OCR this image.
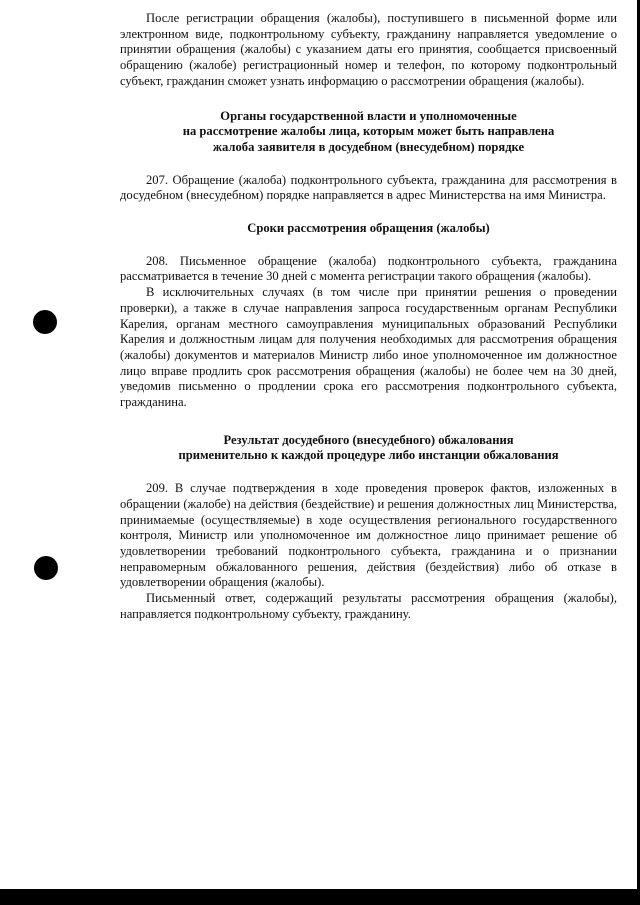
После регистрации обращения (жалобы), поступившего в письменной форме или электронном виде, подконтрольному субъекту, гражданину направляется уведомление о принятии обращения (жалобы) с указанием даты его принятия, сообщается присвоенный обращению (жалобе) регистрационный номер и телефон, по которому подконтрольный субъект, гражданин сможет узнать информацию о рассмотрении обращения (жалобы).

Органы государственной власти и уполномоченные
на рассмотрение жалобы лица, которым может быть направлена
жалоба заявителя в досудебном (внесудебном) порядке

207. Обращение (жалоба) подконтрольного субъекта, гражданина для рассмотрения в досудебном (внесудебном) порядке направляется в адрес Министерства на имя Министра.

Сроки рассмотрения обращения (жалобы)

208. Письменное обращение (жалоба) подконтрольного субъекта, гражданина рассматривается в течение 30 дней с момента регистрации такого обращения (жалобы).

В исключительных случаях (в том числе при принятии решения о проведении проверки), а также в случае направления запроса государственным органам Республики Карелия, органам местного самоуправления муниципальных образований Республики Карелия и должностным лицам для получения необходимых для рассмотрения обращения (жалобы) документов и материалов Министр либо иное уполномоченное им должностное лицо вправе продлить срок рассмотрения обращения (жалобы) не более чем на 30 дней, уведомив письменно о продлении срока его рассмотрения подконтрольного субъекта, гражданина.

Результат досудебного (внесудебного) обжалования
применительно к каждой процедуре либо инстанции обжалования

209. В случае подтверждения в ходе проведения проверок фактов, изложенных в обращении (жалобе) на действия (бездействие) и решения должностных лиц Министерства, принимаемые (осуществляемые) в ходе осуществления регионального государственного контроля, Министр или уполномоченное им должностное лицо принимает решение об удовлетворении требований подконтрольного субъекта, гражданина и о признании неправомерным обжалованного решения, действия (бездействия) либо об отказе в удовлетворении обращения (жалобы).

Письменный ответ, содержащий результаты рассмотрения обращения (жалобы), направляется подконтрольному субъекту, гражданину.
